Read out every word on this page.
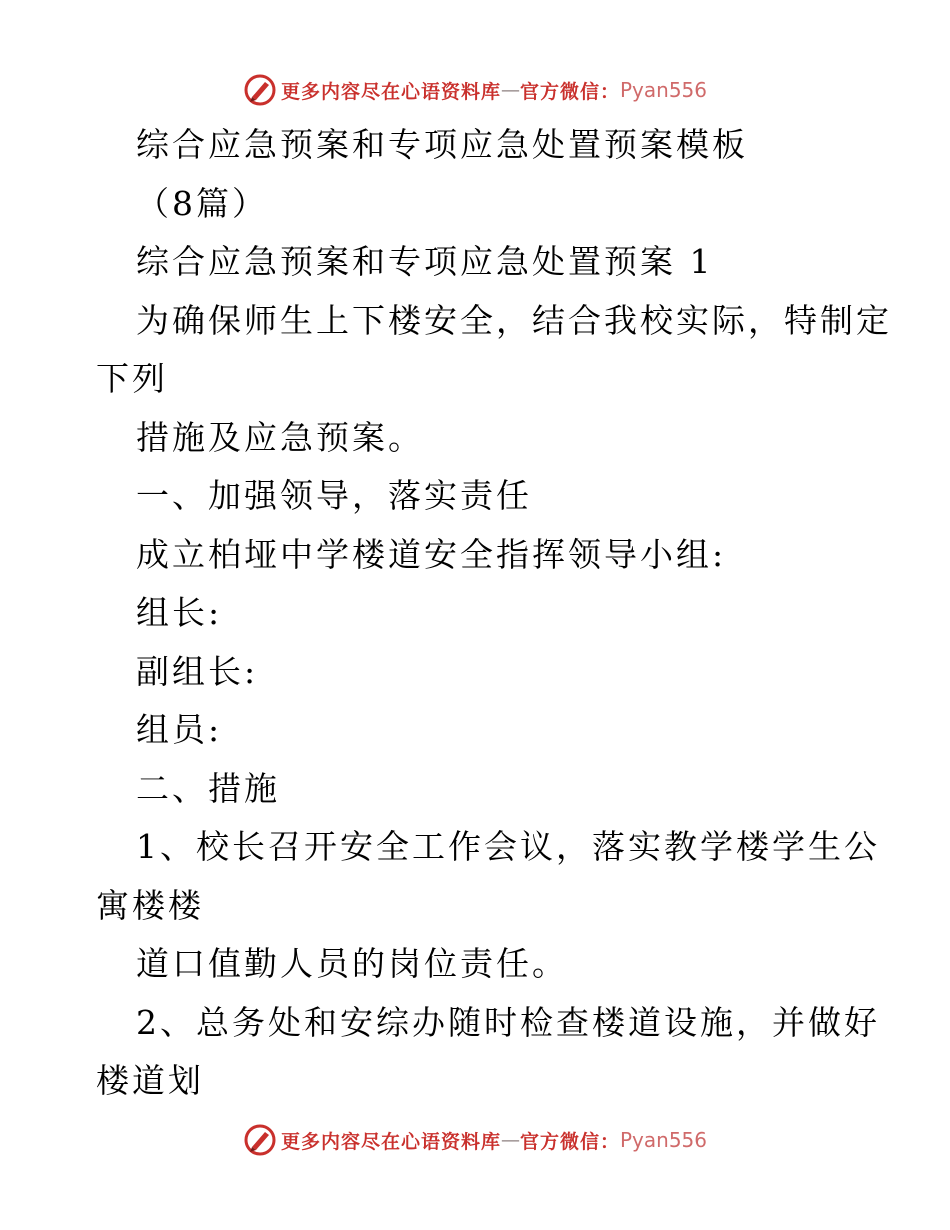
更多内容尽在心语资料库 — 官方微信： Pyan556
综合应急预案和专项应急处置预案模板
（8篇）
综合应急预案和专项应急处置预案 1
为确保师生上下楼安全，结合我校实际，特制定
下列
措施及应急预案。
一、加强领导，落实责任
成立柏垭中学楼道安全指挥领导小组:
组长:
副组长:
组员:
二、措施
1、校长召开安全工作会议，落实教学楼学生公
寓楼楼
道口值勤人员的岗位责任。
2、总务处和安综办随时检查楼道设施，并做好
楼道划
更多内容尽在心语资料库 — 官方微信： Pyan556
